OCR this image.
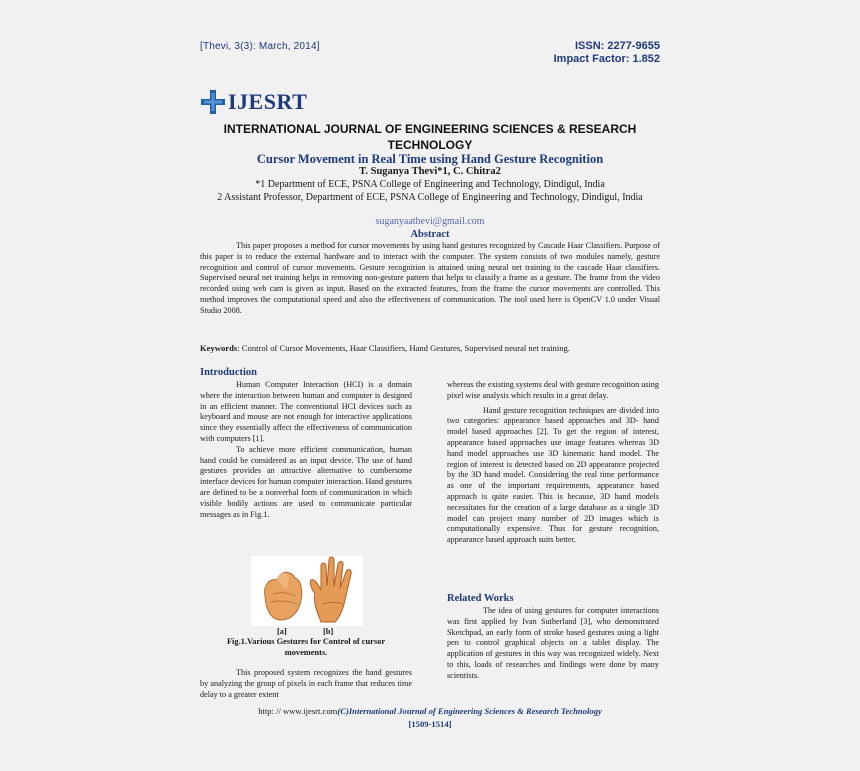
[Thevi, 3(3): March, 2014]	ISSN: 2277-9655
Impact Factor: 1.852
IJESRT
INTERNATIONAL JOURNAL OF ENGINEERING SCIENCES & RESEARCH TECHNOLOGY
Cursor Movement in Real Time using Hand Gesture Recognition
T. Suganya Thevi*1, C. Chitra2
*1 Department of ECE, PSNA College of Engineering and Technology, Dindigul, India
2 Assistant Professor, Department of ECE, PSNA College of Engineering and Technology, Dindigul, India
suganyaathevi@gmail.com
Abstract
This paper proposes a method for cursor movements by using hand gestures recognized by Cascade Haar Classifiers. Purpose of this paper is to reduce the external hardware and to interact with the computer. The system consists of two modules namely, gesture recognition and control of cursor movements. Gesture recognition is attained using neural net training to the cascade Haar classifiers. Supervised neural net training helps in removing non-gesture pattern that helps to classify a frame as a gesture. The frame from the video recorded using web cam is given as input. Based on the extracted features, from the frame the cursor movements are controlled. This method improves the computational speed and also the effectiveness of communication. The tool used here is OpenCV 1.0 under Visual Studio 2008.
Keywords: Control of Cursor Movements, Haar Classifiers, Hand Gestures, Supervised neural net training.
Introduction

Human Computer Interaction (HCI) is a domain where the interaction between human and computer is designed in an efficient manner. The conventional HCI devices such as keyboard and mouse are not enough for interactive applications since they essentially affect the effectiveness of communication with computers [1].

To achieve more efficient communication, human hand could be considered as an input device. The use of hand gestures provides an attractive alternative to cumbersome interface devices for human computer interaction. Hand gestures are defined to be a nonverbal form of communication in which visible bodily actions are used to communicate particular messages as in Fig.1.

[a]	[b]
Fig.1.Various Gestures for Control of cursor movements.

This proposed system recognizes the hand gestures by analyzing the group of pixels in each frame that reduces time delay to a greater extent

whereas the existing systems deal with gesture recognition using pixel wise analysis which results in a great delay.

Hand gesture recognition techniques are divided into two categories: appearance based approaches and 3D- hand model based approaches [2]. To get the region of interest, appearance based approaches use image features whereas 3D hand model approaches use 3D kinematic hand model. The region of interest is detected based on 2D appearance projected by the 3D hand model. Considering the real time performance as one of the important requirements, appearance based approach is quite easier. This is because, 3D hand models necessitates for the creation of a large database as a single 3D model can project many number of 2D images which is computationally expensive. Thus for gesture recognition, appearance based approach suits better.

Related Works

The idea of using gestures for computer interactions was first applied by Ivan Sutherland [3], who demonstrated Sketchpad, an early form of stroke based gestures using a light pen to control graphical objects on a tablet display. The application of gestures in this way was recognized widely. Next to this, loads of researches and findings were done by many scientists.

http: // www.ijesrt.com(C)International Journal of Engineering Sciences & Research Technology
[1509-1514]
